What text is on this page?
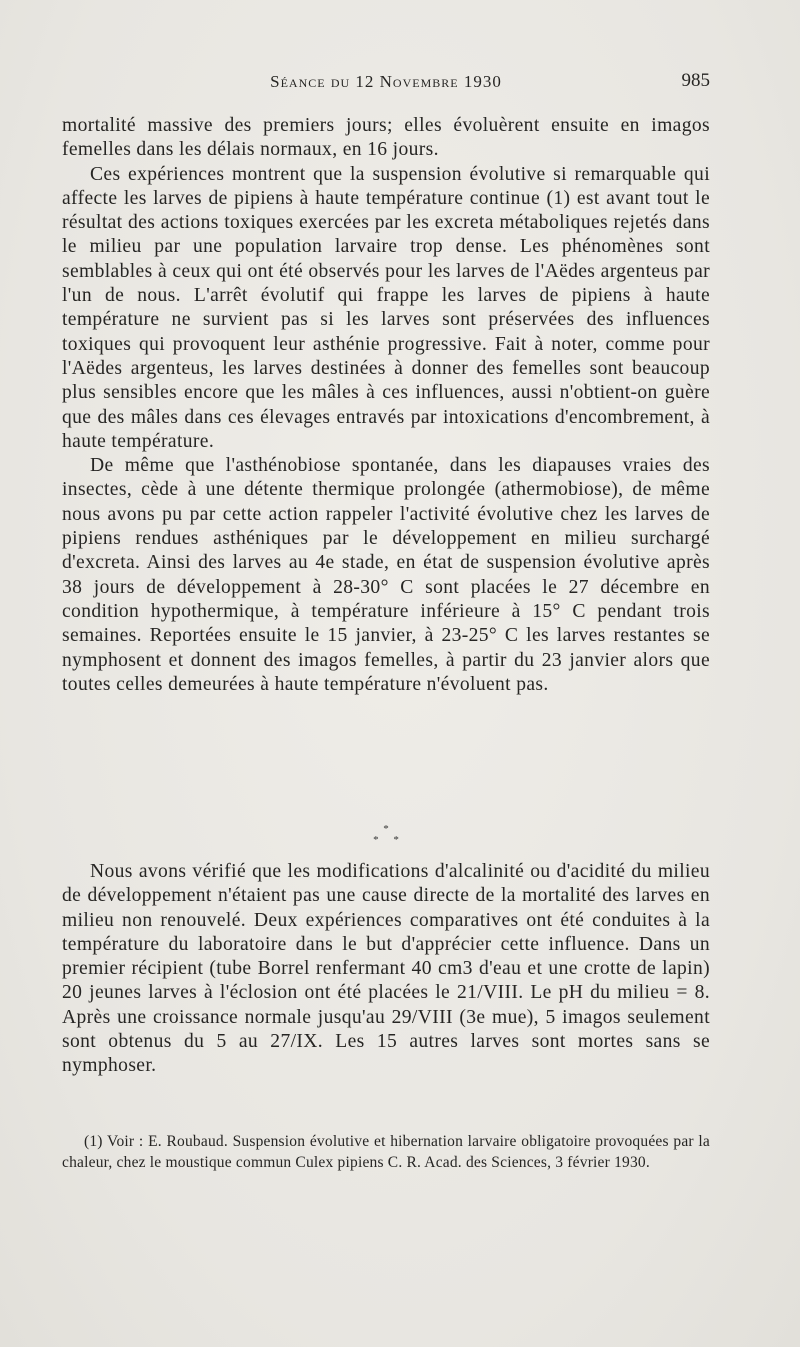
Séance du 12 Novembre 1930	985

mortalité massive des premiers jours; elles évoluèrent ensuite en imagos femelles dans les délais normaux, en 16 jours.

Ces expériences montrent que la suspension évolutive si remarquable qui affecte les larves de pipiens à haute température continue (1) est avant tout le résultat des actions toxiques exercées par les excreta métaboliques rejetés dans le milieu par une population larvaire trop dense. Les phénomènes sont semblables à ceux qui ont été observés pour les larves de l'Aëdes argenteus par l'un de nous. L'arrêt évolutif qui frappe les larves de pipiens à haute température ne survient pas si les larves sont préservées des influences toxiques qui provoquent leur asthénie progressive. Fait à noter, comme pour l'Aëdes argenteus, les larves destinées à donner des femelles sont beaucoup plus sensibles encore que les mâles à ces influences, aussi n'obtient-on guère que des mâles dans ces élevages entravés par intoxications d'encombrement, à haute température.

De même que l'asthénobiose spontanée, dans les diapauses vraies des insectes, cède à une détente thermique prolongée (athermobiose), de même nous avons pu par cette action rappeler l'activité évolutive chez les larves de pipiens rendues asthéniques par le développement en milieu surchargé d'excreta. Ainsi des larves au 4e stade, en état de suspension évolutive après 38 jours de développement à 28-30° C sont placées le 27 décembre en condition hypothermique, à température inférieure à 15° C pendant trois semaines. Reportées ensuite le 15 janvier, à 23-25° C les larves restantes se nymphosent et donnent des imagos femelles, à partir du 23 janvier alors que toutes celles demeurées à haute température n'évoluent pas.

*
* *

Nous avons vérifié que les modifications d'alcalinité ou d'acidité du milieu de développement n'étaient pas une cause directe de la mortalité des larves en milieu non renouvelé. Deux expériences comparatives ont été conduites à la température du laboratoire dans le but d'apprécier cette influence. Dans un premier récipient (tube Borrel renfermant 40 cm3 d'eau et une crotte de lapin) 20 jeunes larves à l'éclosion ont été placées le 21/VIII. Le pH du milieu = 8. Après une croissance normale jusqu'au 29/VIII (3e mue), 5 imagos seulement sont obtenus du 5 au 27/IX. Les 15 autres larves sont mortes sans se nymphoser.

(1) Voir : E. Roubaud. Suspension évolutive et hibernation larvaire obligatoire provoquées par la chaleur, chez le moustique commun Culex pipiens C. R. Acad. des Sciences, 3 février 1930.
